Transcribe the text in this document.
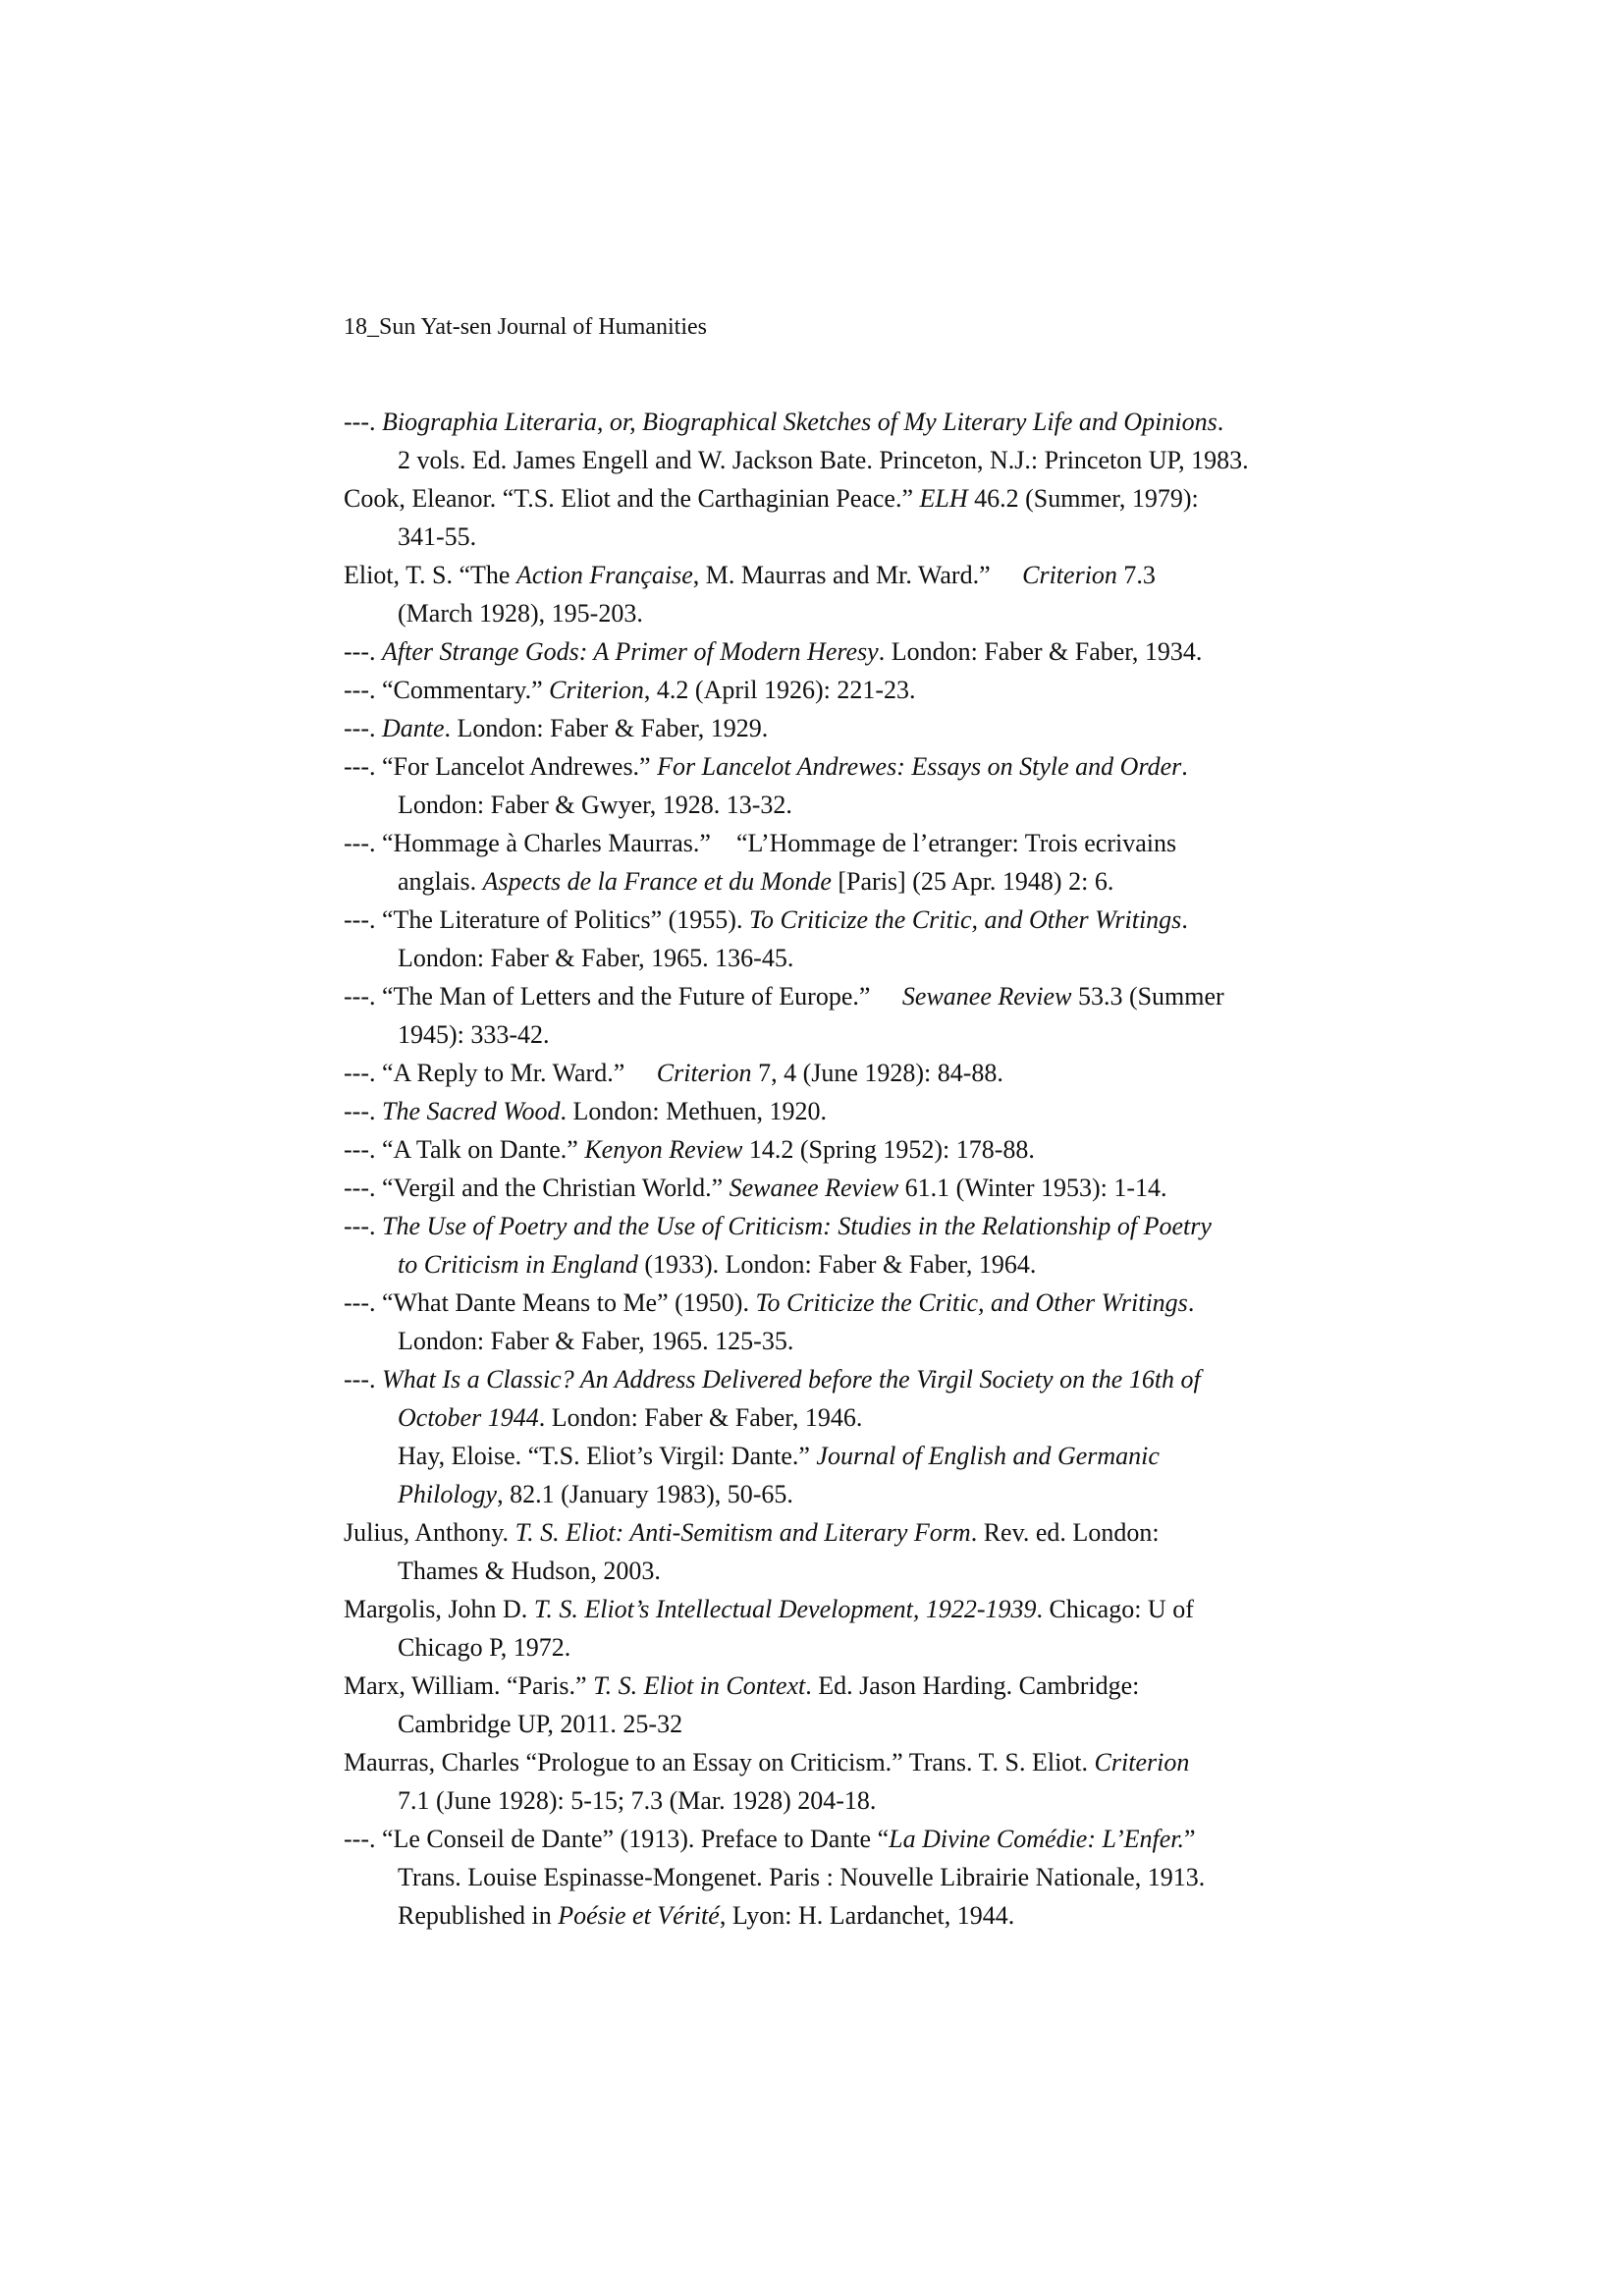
18_Sun Yat-sen Journal of Humanities
---. Biographia Literaria, or, Biographical Sketches of My Literary Life and Opinions.
2 vols. Ed. James Engell and W. Jackson Bate. Princeton, N.J.: Princeton UP, 1983.
Cook, Eleanor. “T.S. Eliot and the Carthaginian Peace.” ELH 46.2 (Summer, 1979):
341-55.
Eliot, T. S. “The Action Française, M. Maurras and Mr. Ward.”  Criterion 7.3
(March 1928), 195-203.
---. After Strange Gods: A Primer of Modern Heresy. London: Faber & Faber, 1934.
---. “Commentary.” Criterion, 4.2 (April 1926): 221-23.
---. Dante. London: Faber & Faber, 1929.
---. “For Lancelot Andrewes.” For Lancelot Andrewes: Essays on Style and Order.
London: Faber & Gwyer, 1928. 13-32.
---. “Hommage à Charles Maurras.” “L’Hommage de l’etranger: Trois ecrivains
anglais. Aspects de la France et du Monde [Paris] (25 Apr. 1948) 2: 6.
---. “The Literature of Politics” (1955). To Criticize the Critic, and Other Writings.
London: Faber & Faber, 1965. 136-45.
---. “The Man of Letters and the Future of Europe.”  Sewanee Review 53.3 (Summer
1945): 333-42.
---. “A Reply to Mr. Ward.”  Criterion 7, 4 (June 1928): 84-88.
---. The Sacred Wood. London: Methuen, 1920.
---. “A Talk on Dante.” Kenyon Review 14.2 (Spring 1952): 178-88.
---. “Vergil and the Christian World.” Sewanee Review 61.1 (Winter 1953): 1-14.
---. The Use of Poetry and the Use of Criticism: Studies in the Relationship of Poetry
to Criticism in England (1933). London: Faber & Faber, 1964.
---. “What Dante Means to Me” (1950). To Criticize the Critic, and Other Writings.
London: Faber & Faber, 1965. 125-35.
---. What Is a Classic? An Address Delivered before the Virgil Society on the 16th of
October 1944. London: Faber & Faber, 1946.
Hay, Eloise. “T.S. Eliot’s Virgil: Dante.” Journal of English and Germanic
Philology, 82.1 (January 1983), 50-65.
Julius, Anthony. T. S. Eliot: Anti-Semitism and Literary Form. Rev. ed. London:
Thames & Hudson, 2003.
Margolis, John D. T. S. Eliot’s Intellectual Development, 1922-1939. Chicago: U of
Chicago P, 1972.
Marx, William. “Paris.” T. S. Eliot in Context. Ed. Jason Harding. Cambridge:
Cambridge UP, 2011. 25-32
Maurras, Charles “Prologue to an Essay on Criticism.” Trans. T. S. Eliot. Criterion
7.1 (June 1928): 5-15; 7.3 (Mar. 1928) 204-18.
---. “Le Conseil de Dante” (1913). Preface to Dante “La Divine Comédie: L’Enfer.”
Trans. Louise Espinasse-Mongenet. Paris : Nouvelle Librairie Nationale, 1913.
Republished in Poésie et Vérité, Lyon: H. Lardanchet, 1944.
